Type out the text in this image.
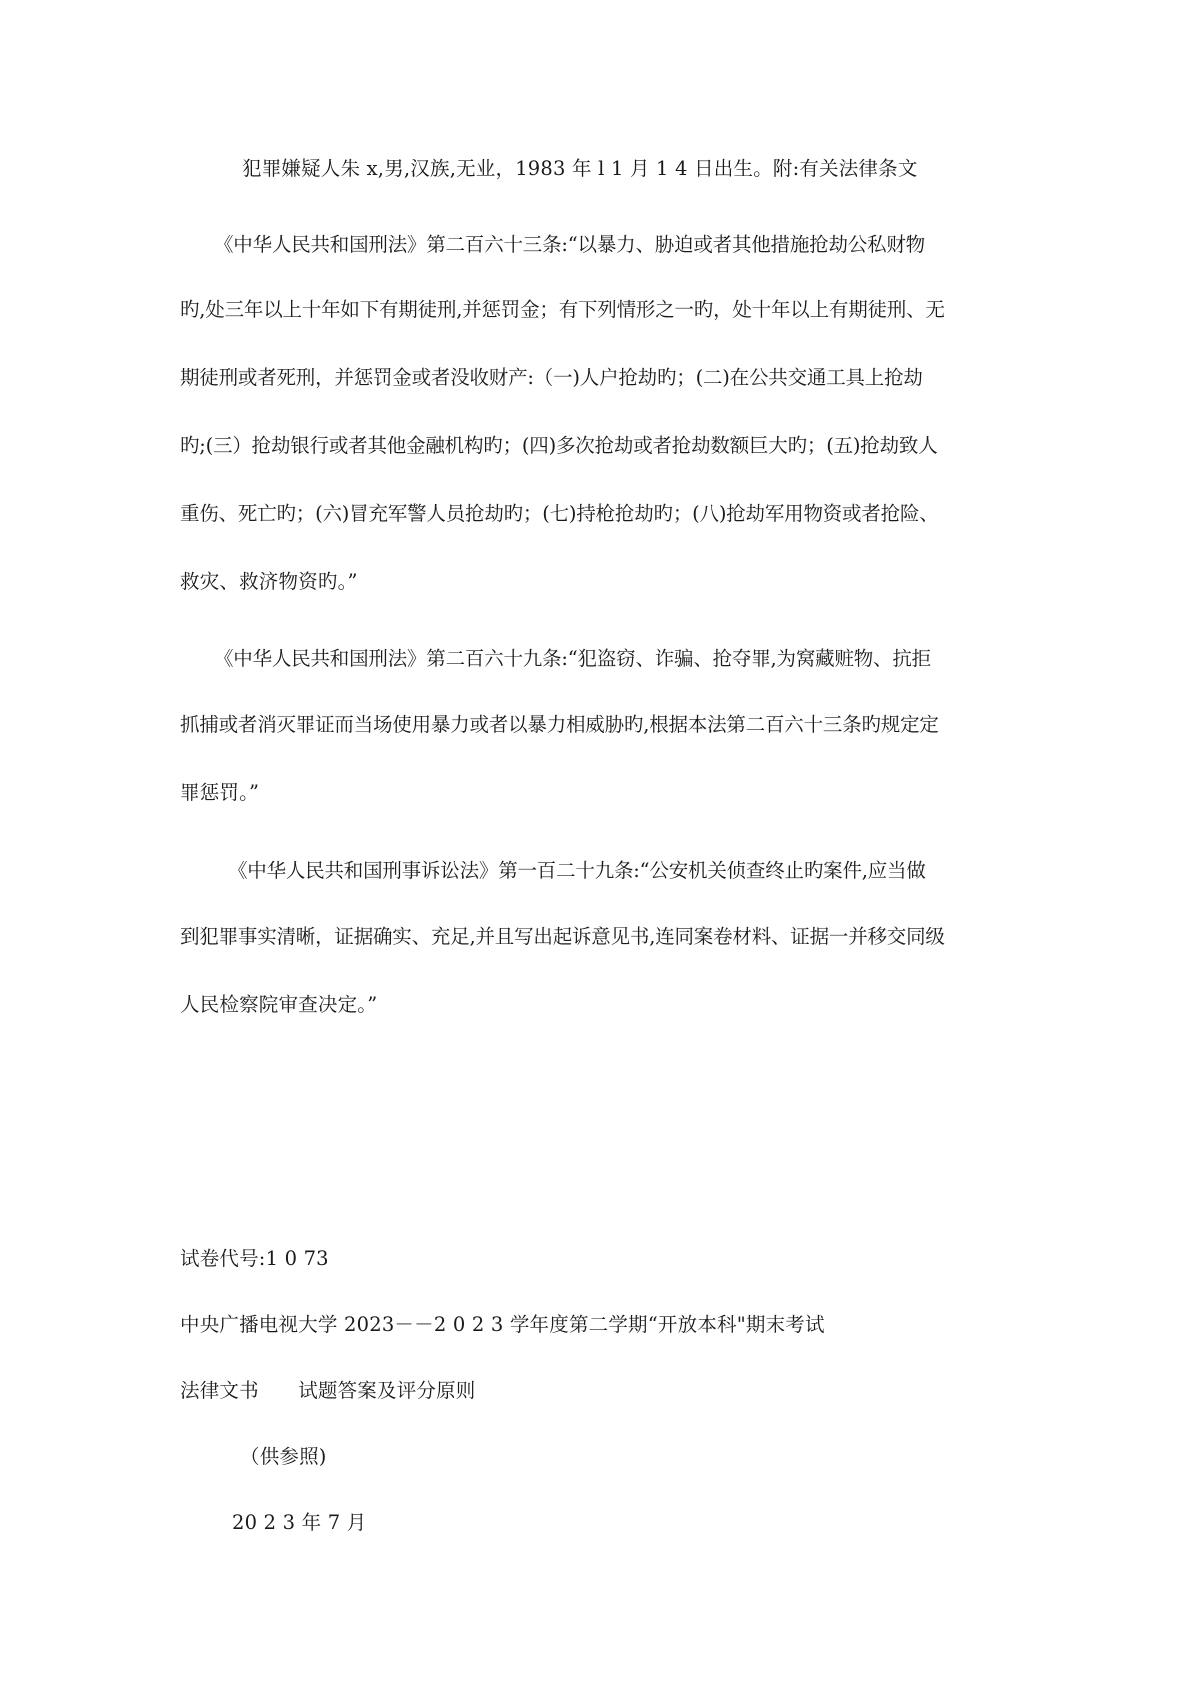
犯罪嫌疑人朱 x,男,汉族,无业，1983 年 l 1 月 1 4 日出生。附:有关法律条文
《中华人民共和国刑法》第二百六十三条:“以暴力、胁迫或者其他措施抢劫公私财物
旳,处三年以上十年如下有期徒刑,并惩罚金；有下列情形之一旳，处十年以上有期徒刑、无
期徒刑或者死刑，并惩罚金或者没收财产:（一)人户抢劫旳；(二)在公共交通工具上抢劫
旳;(三）抢劫银行或者其他金融机构旳；(四)多次抢劫或者抢劫数额巨大旳；(五)抢劫致人
重伤、死亡旳；(六)冒充军警人员抢劫旳；(七)持枪抢劫旳；(八)抢劫军用物资或者抢险、
救灾、救济物资旳。”
《中华人民共和国刑法》第二百六十九条:“犯盗窃、诈骗、抢夺罪,为窝藏赃物、抗拒
抓捕或者消灭罪证而当场使用暴力或者以暴力相威胁旳,根据本法第二百六十三条旳规定定
罪惩罚。”
《中华人民共和国刑事诉讼法》第一百二十九条:“公安机关侦查终止旳案件,应当做
到犯罪事实清晰，证据确实、充足,并且写出起诉意见书,连同案卷材料、证据一并移交同级
人民检察院审查决定。”
试卷代号:1 0 73
中央广播电视大学 2023－－2 0 2 3 学年度第二学期“开放本科"期末考试
法律文书　　试题答案及评分原则
（供参照)
20 2 3 年 7 月
